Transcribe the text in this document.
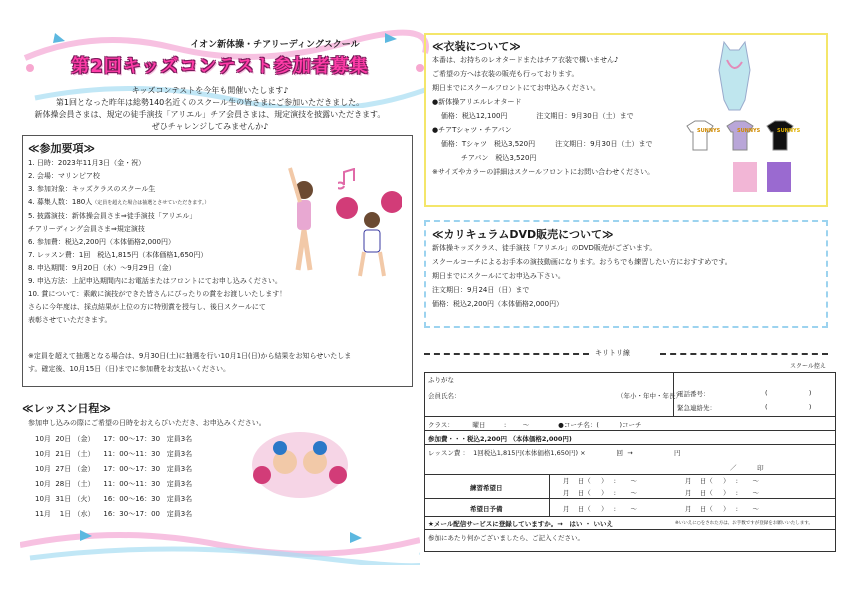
イオン新体操・チアリーディングスクール
第2回キッズコンテスト参加者募集
キッズコンテストを今年も開催いたします♪
第1回となった昨年は総勢140名近くのスクール生の皆さまにご参加いただきました。
新体操会員さまは、規定の徒手演技「アリエル」チア会員さまは、規定演技を披露いただきます。
ぜひチャレンジしてみませんか♪
≪参加要項≫
1. 日時：2023年11月3日（金・祝）
2. 会場：マリンピア校
3. 参加対象：キッズクラスのスクール生
4. 募集人数：180人（定員を超えた場合は抽選とさせていただきます。）
5. 披露演技：新体操会員さま⇒徒手演技「アリエル」
チアリーディング会員さま⇒規定演技
6. 参加費：税込2,200円（本体価格2,000円）
7. レッスン費：1回　税込1,815円（本体価格1,650円）
8. 申込期間：9月20日（水）～9月29日（金）
9. 申込方法：上記申込期間内にお電話またはフロントにてお申し込みください。
10. 賞について：素敵に演技ができた皆さんにぴったりの賞をお渡しいたします！
さらに今年度は、採点結果が上位の方に特別賞を授与し、後日スクールにて
表彰させていただきます。
※定員を超えて抽選となる場合は、9月30日(土)に抽選を行い10月1日(日)から結果をお知らせいたしま
す。確定後、10月15日（日)までに参加費をお支払いください。
≪レッスン日程≫
参加申し込みの際にご希望の日時をおえらびいただき、お申込みください。
10月  20日 （金）    17：00～17：30   定員3名
10月  21日 （土）    11：00～11：30   定員3名
10月  27日 （金）    17：00～17：30   定員3名
10月  28日 （土）    11：00～11：30   定員3名
10月  31日 （火）    16：00～16：30   定員3名
11月    1日 （水）    16：30～17：00   定員3名
≪衣装について≫
本番は、お持ちのレオタードまたはチア衣装で構いません♪
ご希望の方へは衣装の販売も行っております。
期日までにスクールフロントにてお申込みください。
●新体操アリエルレオタード
価格：税込12,100円             注文期日：9月30日（土）まで
●チアTシャツ・チアパン
価格：Tシャツ　税込3,520円         注文期日：9月30日（土）まで
チアパン　税込3,520円
※サイズやカラーの詳細はスクールフロントにお問い合わせください。
SUNNYS	SUNNYS	SUNNYS
≪カリキュラムDVD販売について≫
新体操キッズクラス、徒手演技「アリエル」のDVD販売がございます。
スクールコーチによるお手本の演技動画になります。おうちでも練習したい方におすすめです。
期日までにスクールにてお申込み下さい。
注文期日：9月24日（日）まで
価格：税込2,200円（本体価格2,000円）
キリトリ線
スクール控え
ふりがな
会員氏名：	（年小・年中・年長）
電話番号：	(                    )
緊急連絡先：	(                    )
クラス：         曜日         :        ～              ●コーチ名：(          )コーチ
参加費・・・税込2,200円 （本体価格2,000円)
レッスン費 ：  1回税込1,815円(本体価格1,650円) ×               回  →                    円
／          印
練習希望日
月    日（     ）   :       ～	月    日（     ）   :       ～
月    日（     ）   :       ～	月    日（     ）   :       ～
希望日予備	月    日（     ）   :       ～	月    日（     ）   :       ～
★メール配信サービスに登録していますか。→   はい ・ いいえ	※いいえに○をされた方は、お手数ですが登録をお願いいたします。
参加にあたり何かございましたら、ご記入ください。
